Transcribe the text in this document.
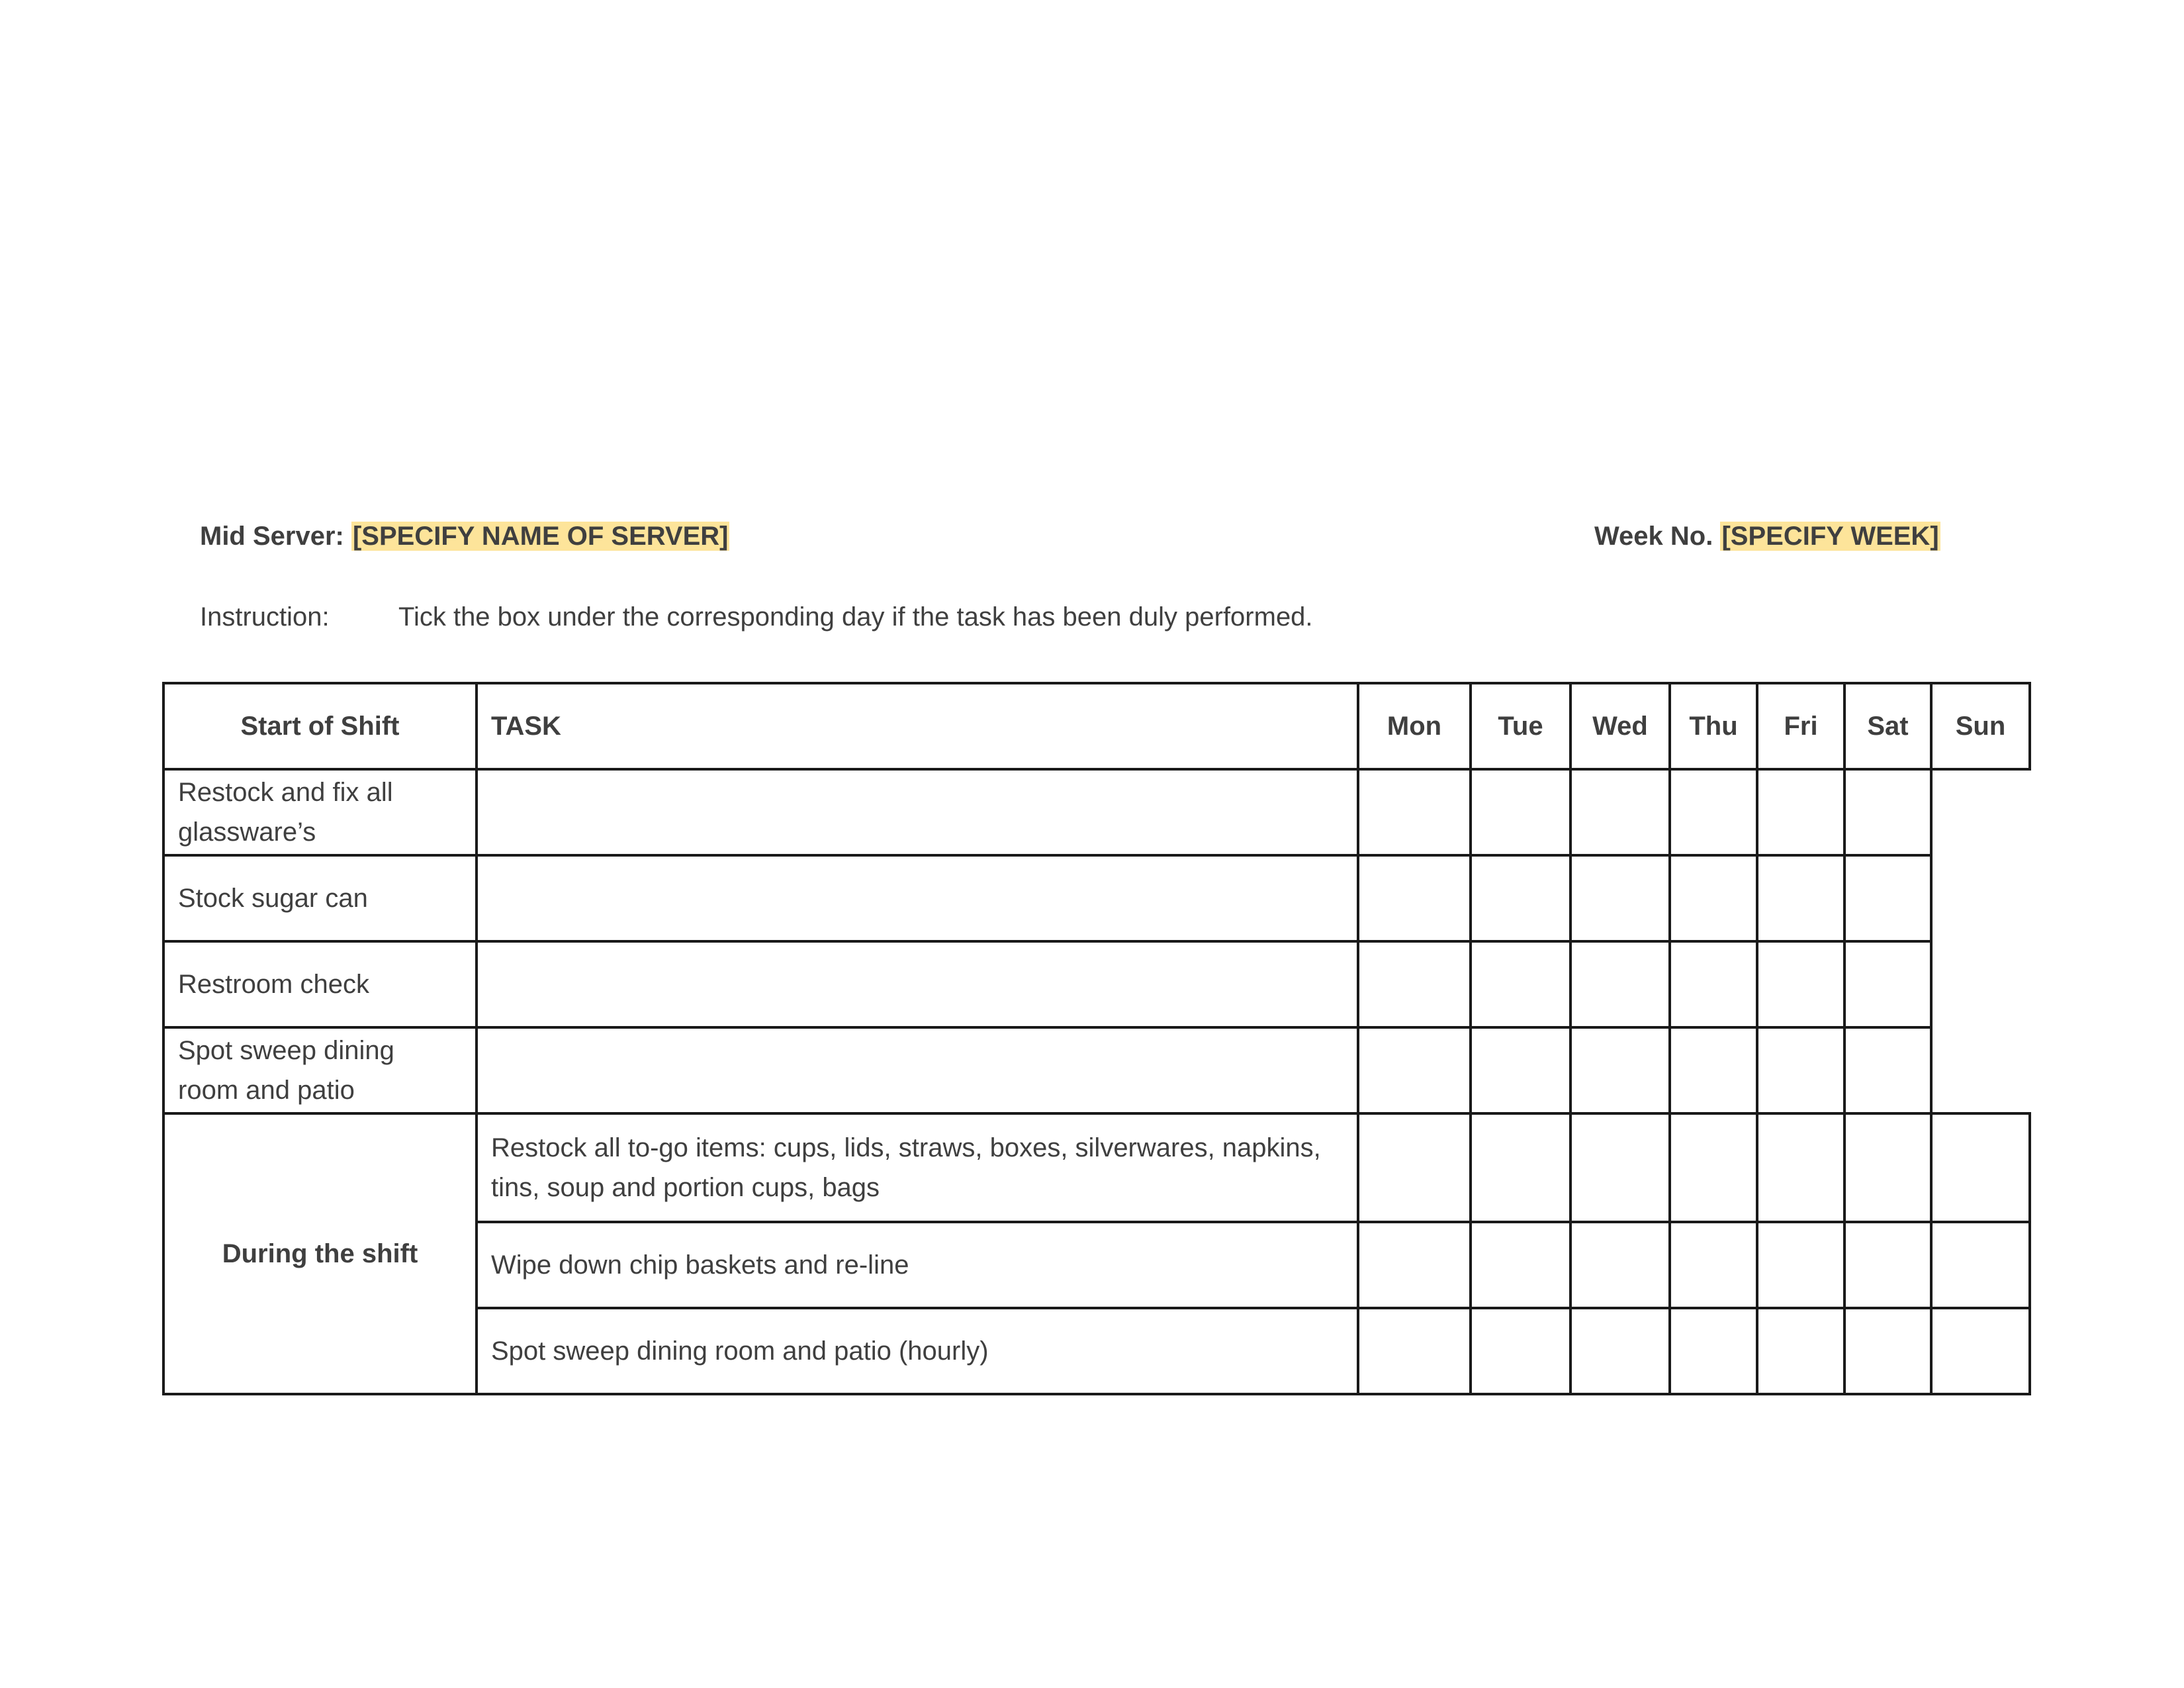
Mid Server: [SPECIFY NAME OF SERVER]	Week No. [SPECIFY WEEK]
Instruction:	Tick the box under the corresponding day if the task has been duly performed.
Start of Shift	TASK	Mon	Tue	Wed	Thu	Fri	Sat	Sun
Restock and fix all glassware’s								
Stock sugar can								
Restroom check								
Spot sweep dining room and patio								
During the shift	Restock all to-go items: cups, lids, straws, boxes, silverwares, napkins, tins, soup and portion cups, bags							
	Wipe down chip baskets and re-line							
	Spot sweep dining room and patio (hourly)							
